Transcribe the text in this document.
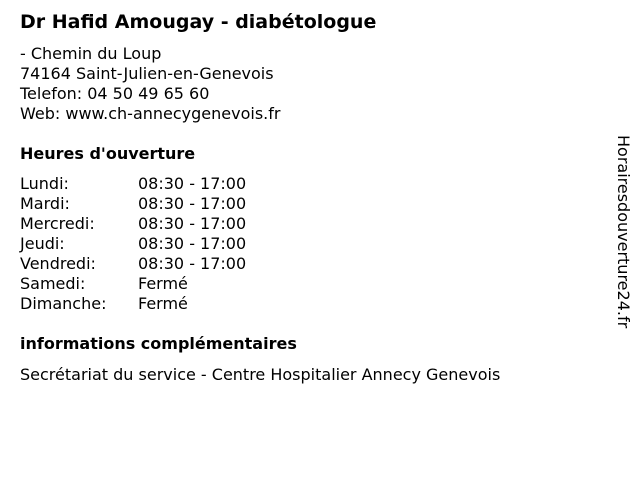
Dr Hafid Amougay - diabétologue
- Chemin du Loup
74164 Saint-Julien-en-Genevois
Telefon: 04 50 49 65 60
Web: www.ch-annecygenevois.fr
Heures d'ouverture
Lundi:	08:30 - 17:00
Mardi:	08:30 - 17:00
Mercredi:	08:30 - 17:00
Jeudi:	08:30 - 17:00
Vendredi:	08:30 - 17:00
Samedi:	Fermé
Dimanche:	Fermé
informations complémentaires
Secrétariat du service - Centre Hospitalier Annecy Genevois
Horairesdouverture24.fr
